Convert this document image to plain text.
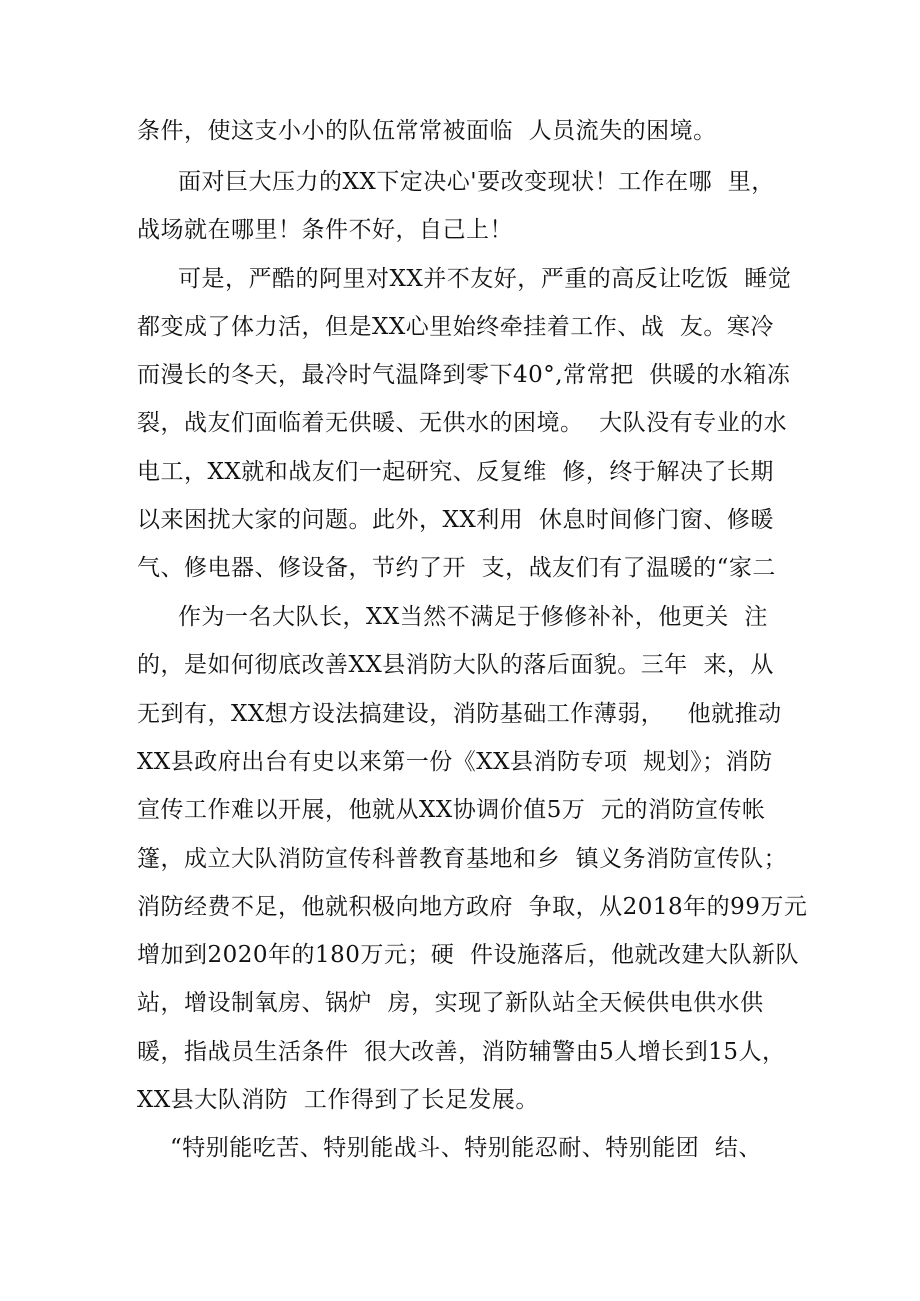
条件，使这支小小的队伍常常被面临  人员流失的困境。
面对巨大压力的XX下定决心'要改变现状！工作在哪  里，
战场就在哪里！条件不好，自己上！
可是，严酷的阿里对XX并不友好，严重的高反让吃饭  睡觉
都变成了体力活，但是XX心里始终牵挂着工作、战  友。寒冷
而漫长的冬天，最冷时气温降到零下40°,常常把  供暖的水箱冻
裂，战友们面临着无供暖、无供水的困境。  大队没有专业的水
电工，XX就和战友们一起研究、反复维  修，终于解决了长期
以来困扰大家的问题。此外，XX利用  休息时间修门窗、修暖
气、修电器、修设备，节约了开  支，战友们有了温暖的“家二
作为一名大队长，XX当然不满足于修修补补，他更关  注
的，是如何彻底改善XX县消防大队的落后面貌。三年  来，从
无到有，XX想方设法搞建设，消防基础工作薄弱，   他就推动
XX县政府出台有史以来第一份《XX县消防专项  规划》；消防
宣传工作难以开展，他就从XX协调价值5万  元的消防宣传帐
篷，成立大队消防宣传科普教育基地和乡  镇义务消防宣传队；
消防经费不足，他就积极向地方政府  争取，从2018年的99万元
增加到2020年的180万元；硬  件设施落后，他就改建大队新队
站，增设制氧房、锅炉  房，实现了新队站全天候供电供水供
暖，指战员生活条件  很大改善，消防辅警由5人增长到15人，
XX县大队消防  工作得到了长足发展。
“特别能吃苦、特别能战斗、特别能忍耐、特别能团  结、
